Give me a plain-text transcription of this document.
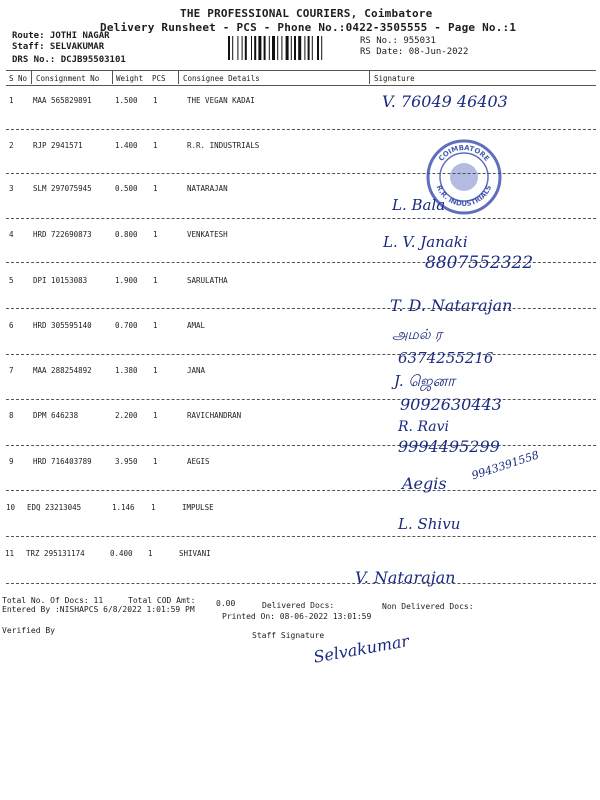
THE PROFESSIONAL COURIERS, Coimbatore
Delivery Runsheet - PCS - Phone No.:0422-3505555 - Page No.:1
Route: JOTHI NAGAR
Staff: SELVAKUMAR
DRS No.: DCJB95503101
RS No.: 955031
RS Date: 08-Jun-2022
S No Consignment No Weight PCS Consignee Details	Signature
1	MAA 565829891	1.500 1	THE VEGAN KADAI
2	RJP 2941571	1.400 1	R.R. INDUSTRIALS
3	SLM 297075945	0.500 1	NATARAJAN
4	HRD 722690873	0.800 1	VENKATESH
5	DPI 10153083	1.900 1	SARULATHA
6	HRD 305595140	0.700 1	AMAL
7	MAA 288254892	1.380 1	JANA
8	DPM 646238	2.200 1	RAVICHANDRAN
9	HRD 716403789	3.950 1	AEGIS
10 EDQ 23213045	1.146 1	IMPULSE
11 TRZ 295131174	0.400 1	SHIVANI
V. 76049 46403
COIMBATORE
R.R. INDUSTRIALS
L. Bala
L. V. Janaki
8807552322
T. D. Natarajan
அமல் ர
6374255216
J. ஜெனா
9092630443
R. Ravi
9994495299
Aegis
9943391558
L. Shivu
V. Natarajan
Total No. Of Docs: 11	Total COD Amt:	0.00	Delivered Docs:	Non Delivered Docs:
Entered By :NISHAPCS 6/8/2022 1:01:59 PM
Printed On: 08-06-2022 13:01:59
Verified By
Staff Signature
Selvakumar
